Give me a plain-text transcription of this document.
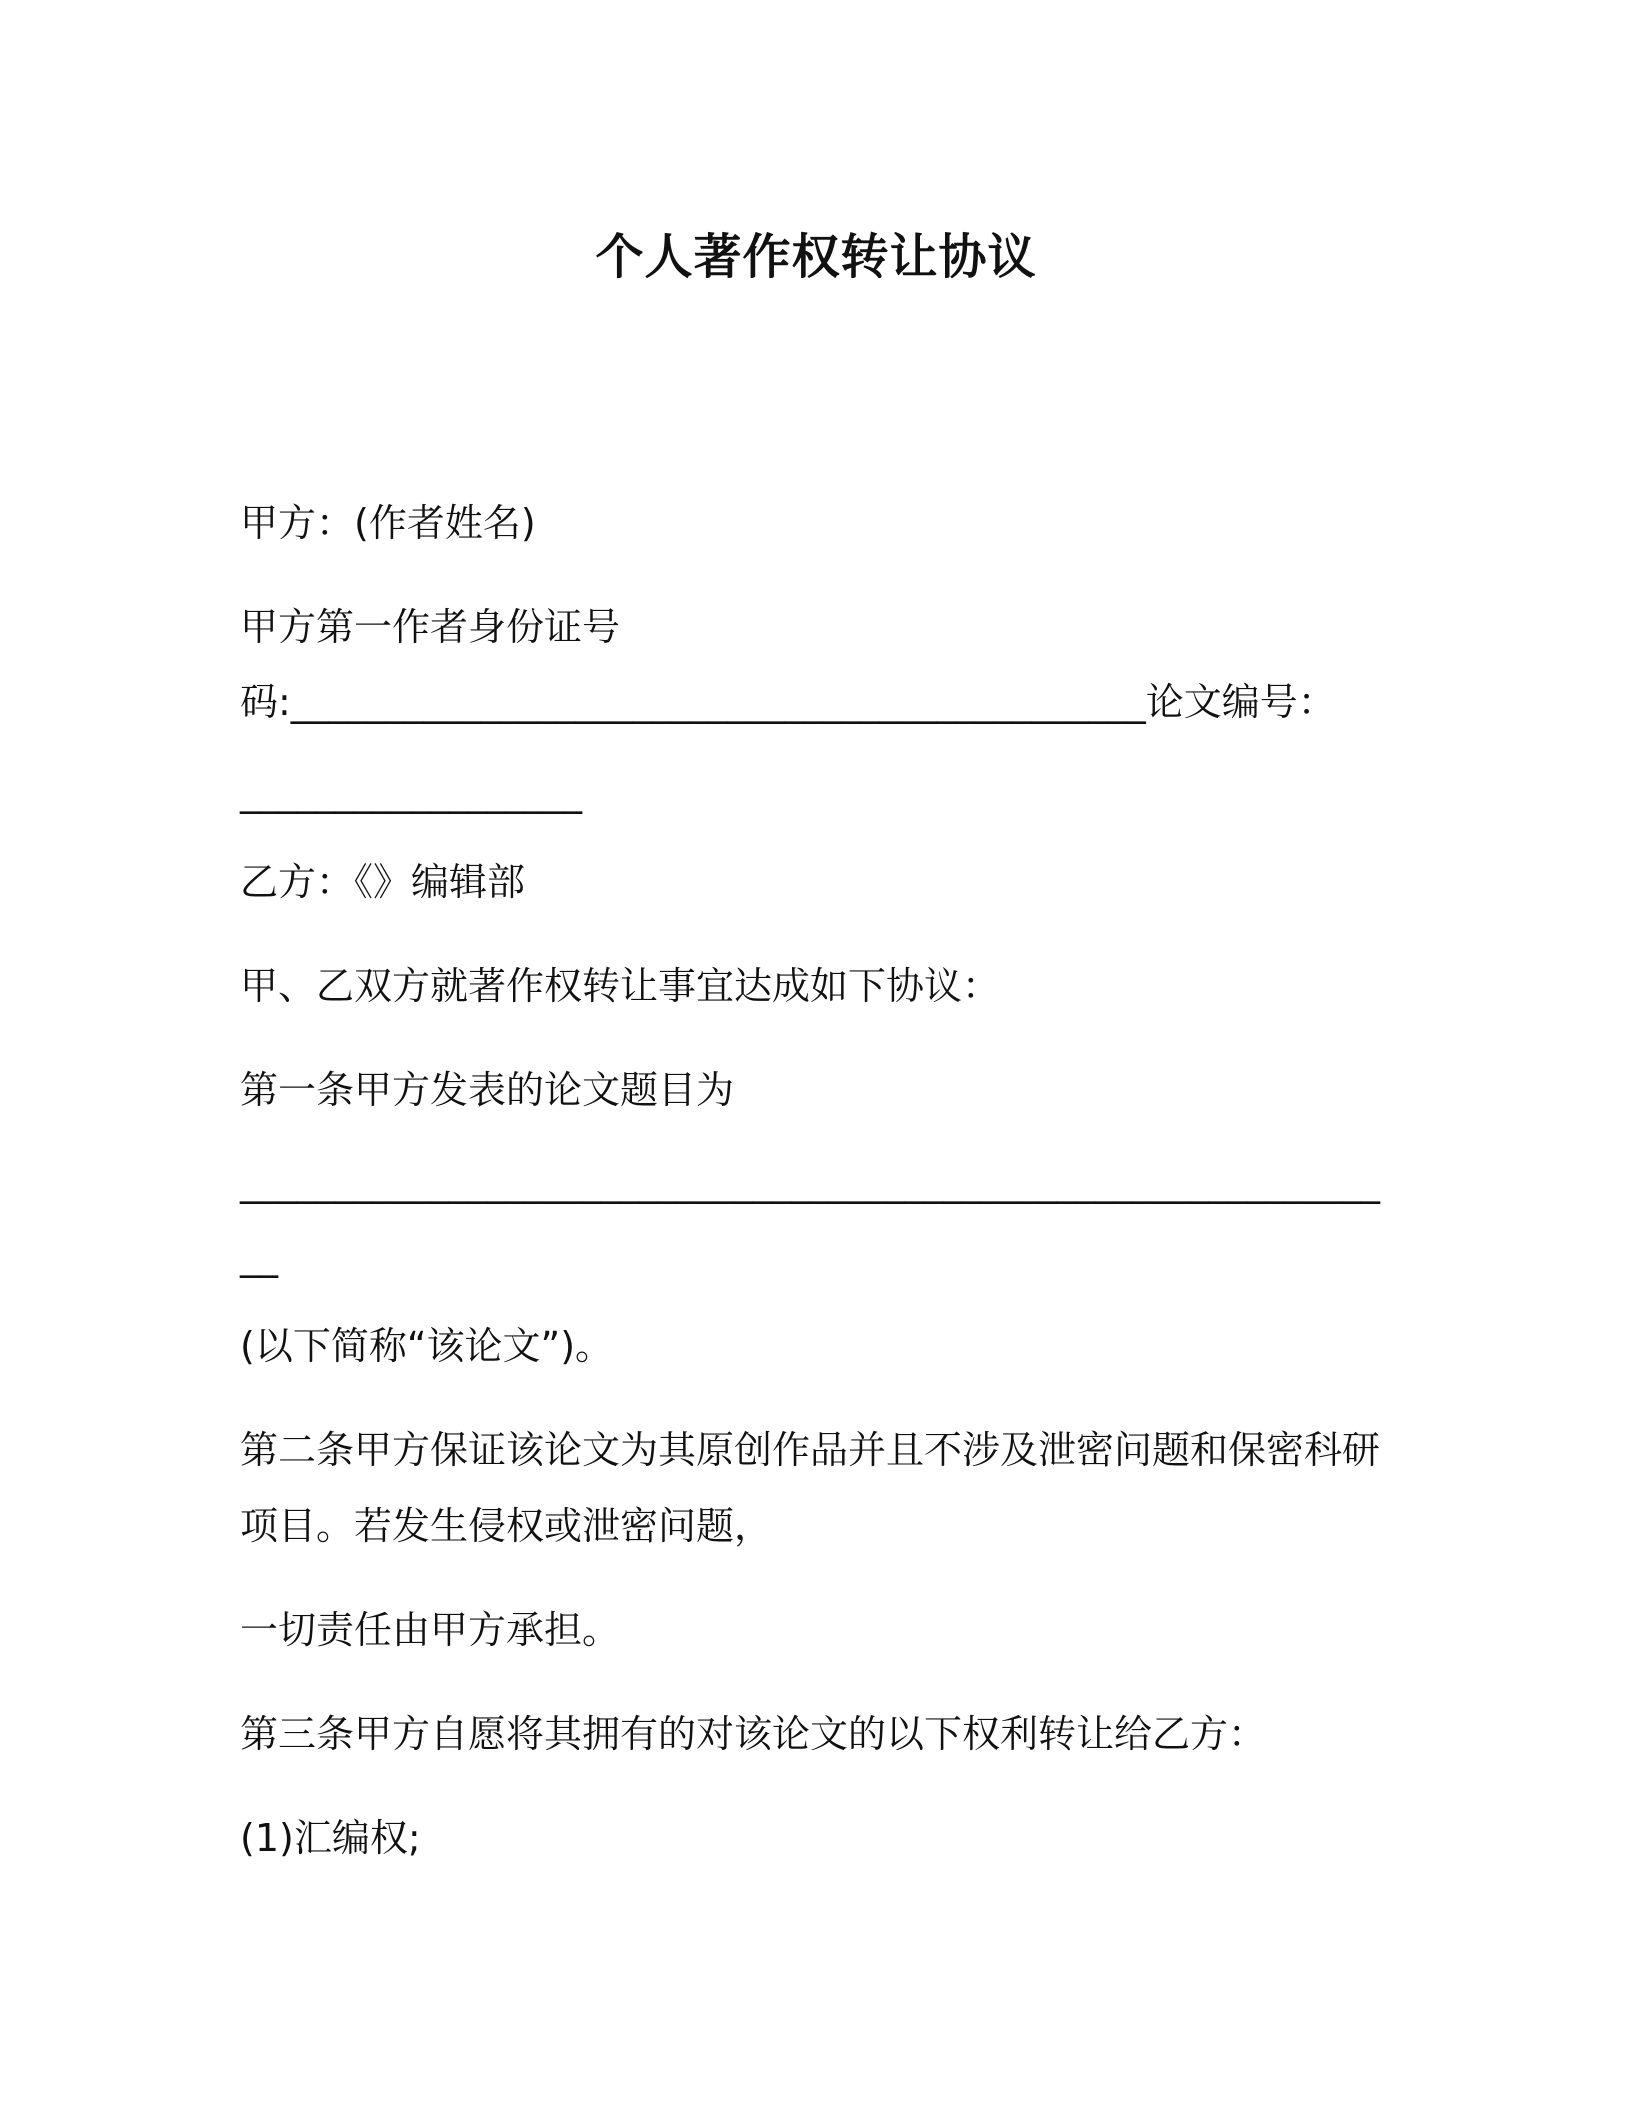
个人著作权转让协议
甲方：(作者姓名)
甲方第一作者身份证号
码:_____________________________________________论文编号：
__________________
乙方：《》编辑部
甲、乙双方就著作权转让事宜达成如下协议：
第一条甲方发表的论文题目为
____________________________________________________________
__
(以下简称“该论文”)。
第二条甲方保证该论文为其原创作品并且不涉及泄密问题和保密科研
项目。若发生侵权或泄密问题，
一切责任由甲方承担。
第三条甲方自愿将其拥有的对该论文的以下权利转让给乙方：
(1)汇编权;
